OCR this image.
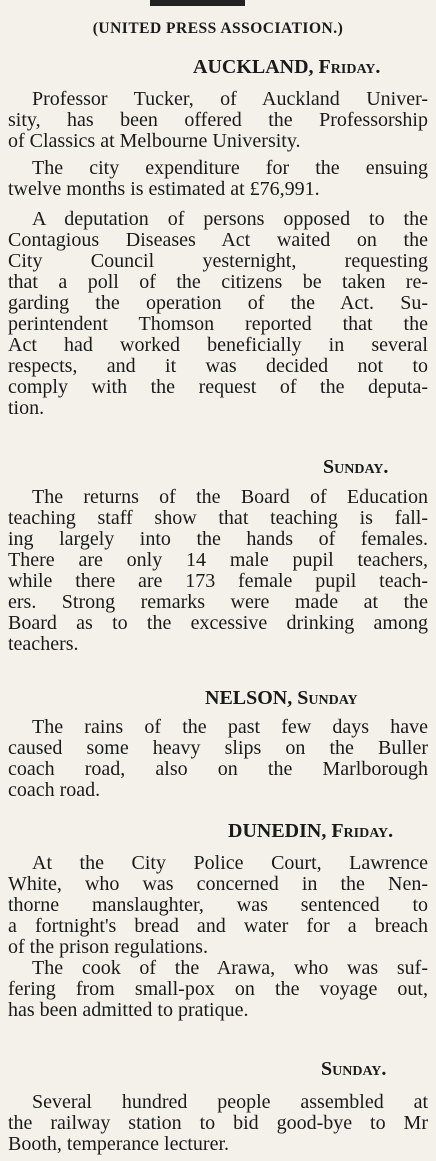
(UNITED PRESS ASSOCIATION.)
AUCKLAND, Friday.
Professor Tucker, of Auckland Univer-
sity, has been offered the Professorship
of Classics at Melbourne University.
The city expenditure for the ensuing
twelve months is estimated at £76,991.
A deputation of persons opposed to the
Contagious Diseases Act waited on the
City Council yesternight, requesting
that a poll of the citizens be taken re-
garding the operation of the Act. Su-
perintendent Thomson reported that the
Act had worked beneficially in several
respects, and it was decided not to
comply with the request of the deputa-
tion.
Sunday.
The returns of the Board of Education
teaching staff show that teaching is fall-
ing largely into the hands of females.
There are only 14 male pupil teachers,
while there are 173 female pupil teach-
ers. Strong remarks were made at the
Board as to the excessive drinking among
teachers.
NELSON, Sunday
The rains of the past few days have
caused some heavy slips on the Buller
coach road, also on the Marlborough
coach road.
DUNEDIN, Friday.
At the City Police Court, Lawrence
White, who was concerned in the Nen-
thorne manslaughter, was sentenced to
a fortnight's bread and water for a breach
of the prison regulations.
The cook of the Arawa, who was suf-
fering from small-pox on the voyage out,
has been admitted to pratique.
Sunday.
Several hundred people assembled at
the railway station to bid good-bye to Mr
Booth, temperance lecturer.
